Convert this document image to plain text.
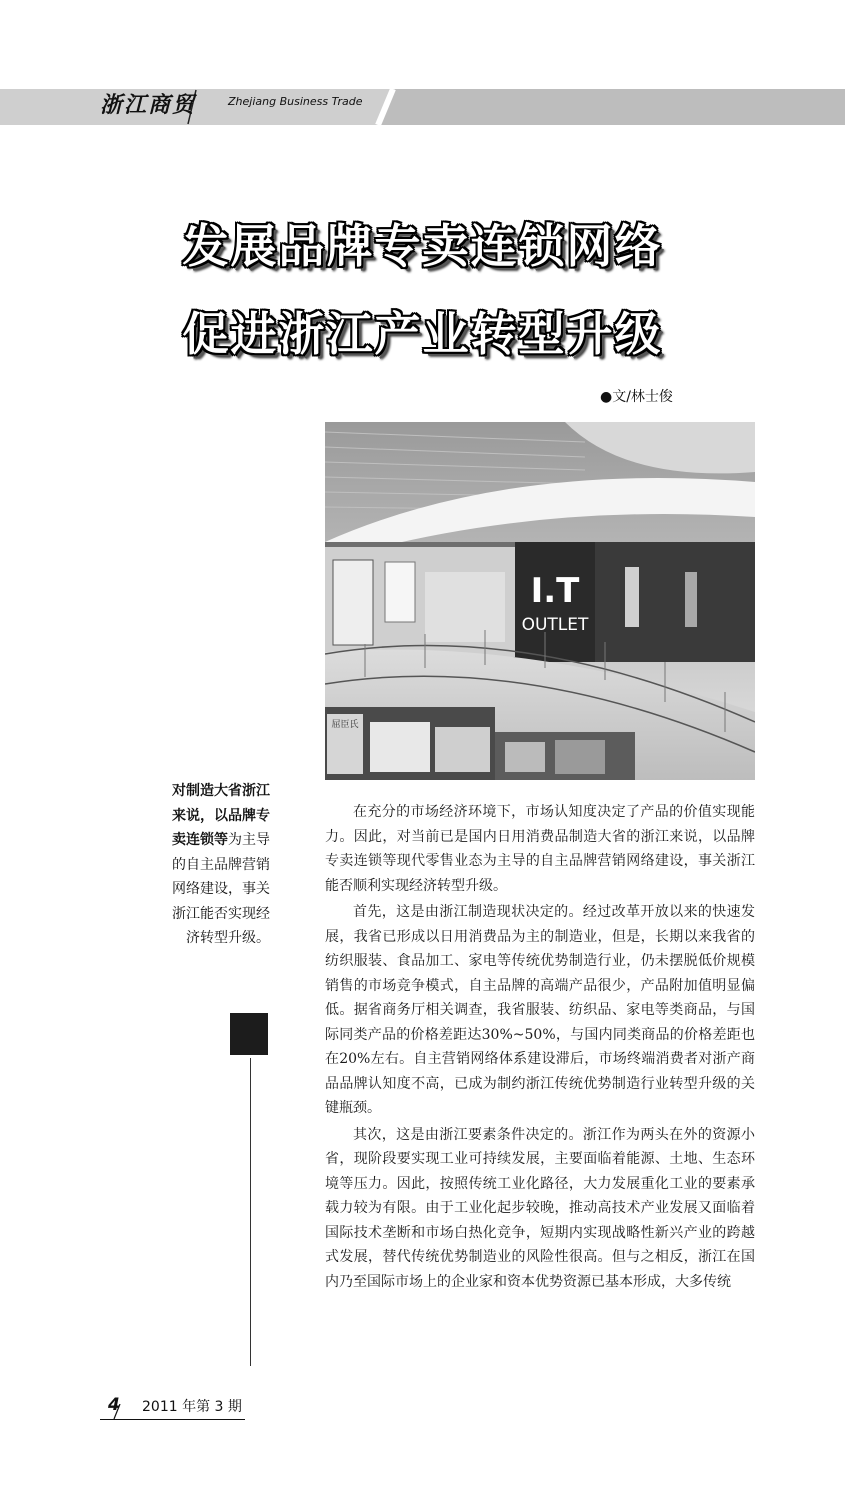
浙江商贸	Zhejiang Business Trade
发展品牌专卖连锁网络
促进浙江产业转型升级
●文/林士俊
I.T
OUTLET
屈臣氏
对制造大省浙江来说，以品牌专卖连锁等为主导的自主品牌营销网络建设，事关浙江能否实现经济转型升级。

在充分的市场经济环境下，市场认知度决定了产品的价值实现能力。因此，对当前已是国内日用消费品制造大省的浙江来说，以品牌专卖连锁等现代零售业态为主导的自主品牌营销网络建设，事关浙江能否顺利实现经济转型升级。

首先，这是由浙江制造现状决定的。经过改革开放以来的快速发展，我省已形成以日用消费品为主的制造业，但是，长期以来我省的纺织服装、食品加工、家电等传统优势制造行业，仍未摆脱低价规模销售的市场竞争模式，自主品牌的高端产品很少，产品附加值明显偏低。据省商务厅相关调查，我省服装、纺织品、家电等类商品，与国际同类产品的价格差距达30%~50%，与国内同类商品的价格差距也在20%左右。自主营销网络体系建设滞后，市场终端消费者对浙产商品品牌认知度不高，已成为制约浙江传统优势制造行业转型升级的关键瓶颈。

其次，这是由浙江要素条件决定的。浙江作为两头在外的资源小省，现阶段要实现工业可持续发展，主要面临着能源、土地、生态环境等压力。因此，按照传统工业化路径，大力发展重化工业的要素承载力较为有限。由于工业化起步较晚，推动高技术产业发展又面临着国际技术垄断和市场白热化竞争，短期内实现战略性新兴产业的跨越式发展，替代传统优势制造业的风险性很高。但与之相反，浙江在国内乃至国际市场上的企业家和资本优势资源已基本形成，大多传统

4 2011 年第 3 期
